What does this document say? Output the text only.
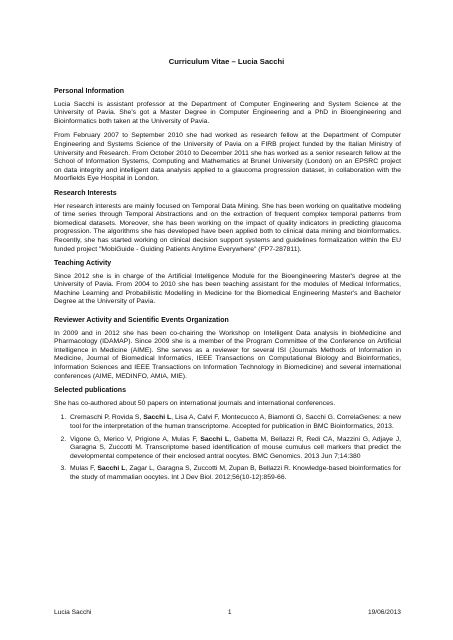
Curriculum Vitae – Lucia Sacchi
Personal Information

Lucia Sacchi is assistant professor at the Department of Computer Engineering and System Science at the University of Pavia. She's got a Master Degree in Computer Engineering and a PhD in Bioengineering and Bioinformatics both taken at the University of Pavia.

From February 2007 to September 2010 she had worked as research fellow at the Department of Computer Engineering and Systems Science of the University of Pavia on a FIRB project funded by the Italian Ministry of University and Research. From October 2010 to December 2011 she has worked as a senior research fellow at the School of Information Systems, Computing and Mathematics at Brunel University (London) on an EPSRC project on data integrity and intelligent data analysis applied to a glaucoma progression dataset, in collaboration with the Moorfields Eye Hospital in London.

Research Interests

Her research interests are mainly focused on Temporal Data Mining. She has been working on qualitative modeling of time series through Temporal Abstractions and on the extraction of frequent complex temporal patterns from biomedical datasets. Moreover, she has been working on the impact of quality indicators in predicting glaucoma progression. The algorithms she has developed have been applied both to clinical data mining and bioinformatics. Recently, she has started working on clinical decision support systems and guidelines formalization within the EU funded project "MobiGuide - Guiding Patients Anytime Everywhere" (FP7-287811).

Teaching Activity

Since 2012 she is in charge of the Artificial Intelligence Module for the Bioengineering Master's degree at the University of Pavia. From 2004 to 2010 she has been teaching assistant for the modules of Medical Informatics, Machine Learning and Probabilistic Modelling in Medicine for the Biomedical Engineering Master's and Bachelor Degree at the University of Pavia.

Reviewer Activity and Scientific Events Organization

In 2009 and in 2012 she has been co-chairing the Workshop on Intelligent Data analysis in bioMedicine and Pharmacology (IDAMAP). Since 2009 she is a member of the Program Committee of the Conference on Artificial Intelligence in Medicine (AIME). She serves as a reviewer for several ISI (Journals Methods of Information in Medicine, Journal of Biomedical Informatics, IEEE Transactions on Computational Biology and Bioinformatics, Information Sciences and IEEE Transactions on Information Technology in Biomedicine) and several international conferences (AIME, MEDINFO, AMIA, MIE).

Selected publications

She has co-authored about 50 papers on international journals and international conferences.

1. Cremaschi P, Rovida S, Sacchi L, Lisa A, Calvi F, Montecucco A, Biamonti G, Sacchi G. CorrelaGenes: a new tool for the interpretation of the human transcriptome. Accepted for publication in BMC Bioinformatics, 2013.
2. Vigone G, Merico V, Prigione A, Mulas F, Sacchi L, Gabetta M, Bellazzi R, Redi CA, Mazzini G, Adjaye J, Garagna S, Zuccotti M. Transcriptome based identification of mouse cumulus cell markers that predict the developmental competence of their enclosed antral oocytes. BMC Genomics. 2013 Jun 7;14:380
3. Mulas F, Sacchi L, Zagar L, Garagna S, Zuccotti M, Zupan B, Bellazzi R. Knowledge-based bioinformatics for the study of mammalian oocytes. Int J Dev Biol. 2012;56(10-12):859-66.
Lucia Sacchi	1	19/06/2013
